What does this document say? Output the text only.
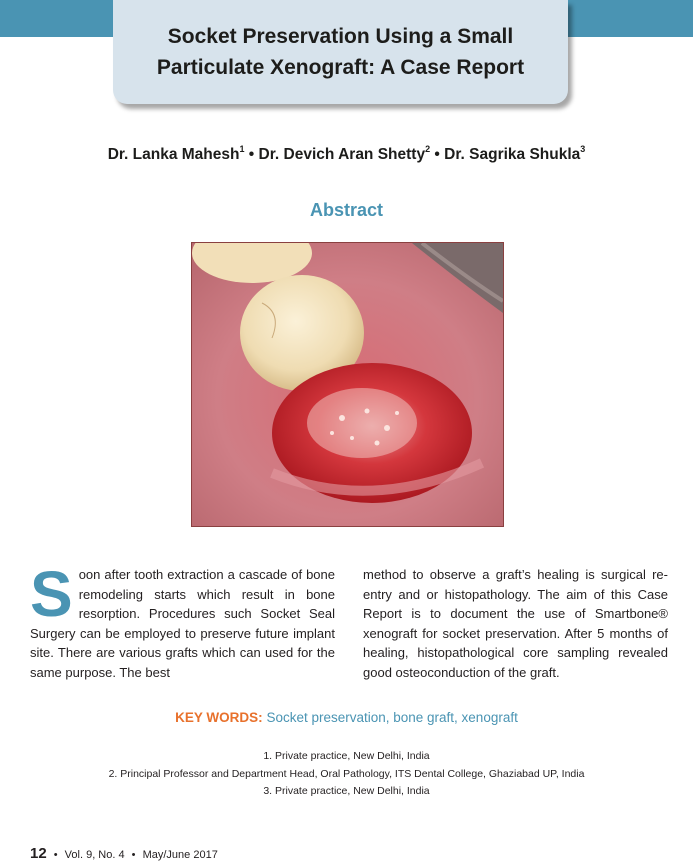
Socket Preservation Using a Small
Particulate Xenograft: A Case Report
Dr. Lanka Mahesh$^1$ • Dr. Devich Aran Shetty$^2$ • Dr. Sagrika Shukla$^3$
Abstract
Soon after tooth extraction a cascade of bone remodeling starts which result in bone resorption. Procedures such Socket Seal Surgery can be employed to preserve future implant site. There are various grafts which can used for the same purpose. The best
method to observe a graft’s healing is surgical re-entry and or histopathology. The aim of this Case Report is to document the use of Smartbone® xenograft for socket preservation. After 5 months of healing, histopathological core sampling revealed good osteoconduction of the graft.
KEY WORDS: Socket preservation, bone graft, xenograft
1. Private practice, New Delhi, India
2. Principal Professor and Department Head, Oral Pathology, ITS Dental College, Ghaziabad UP, India
3. Private practice, New Delhi, India
12 • Vol. 9, No. 4 • May/June 2017
